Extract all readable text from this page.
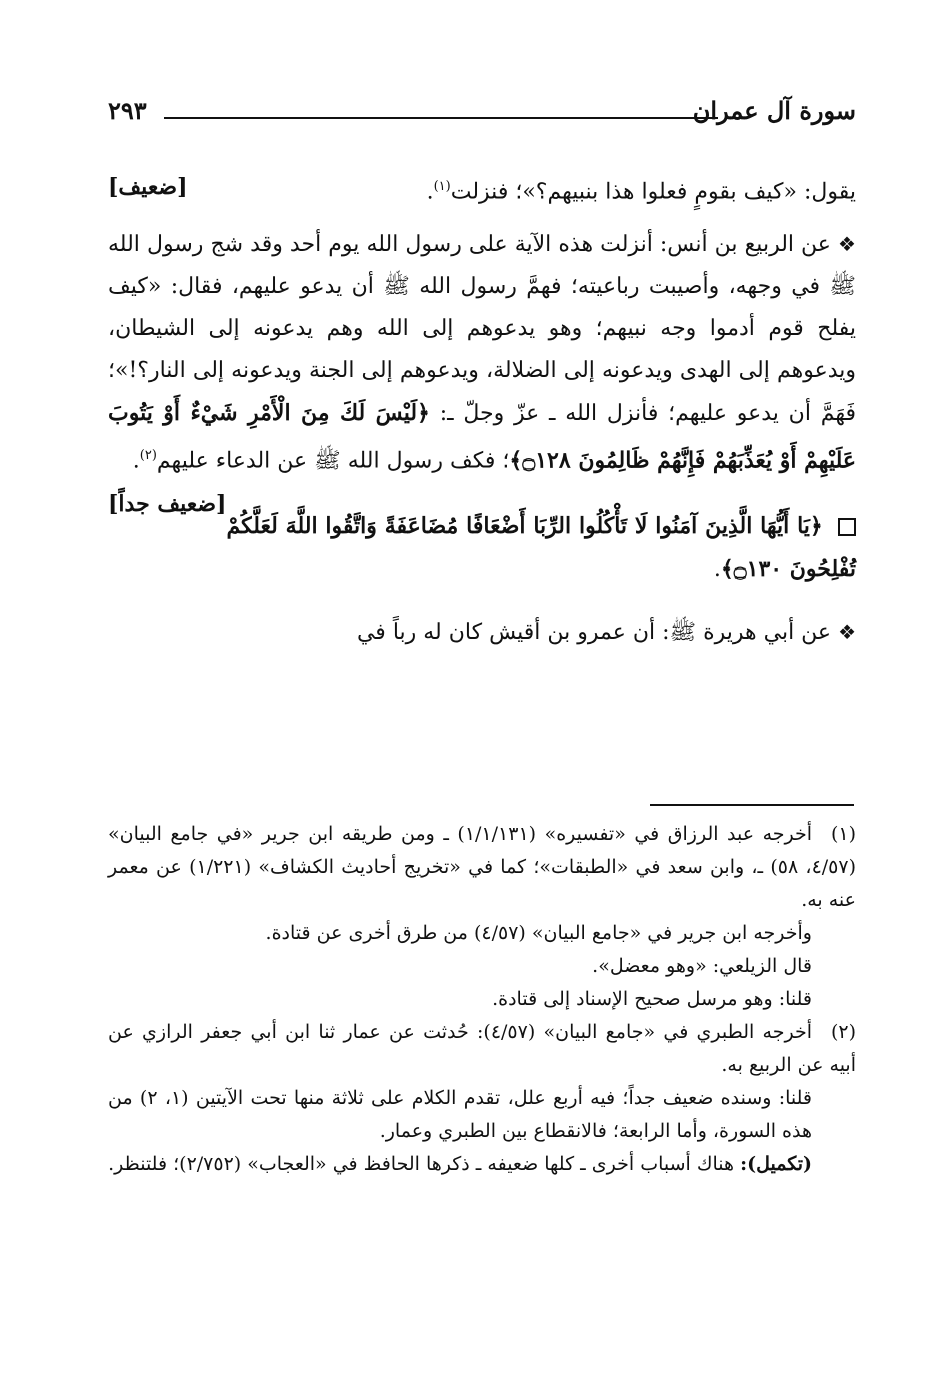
٢٩٣	سورة آل عمران

[ضعيف]	يقول: «كيف بقومٍ فعلوا هذا بنبيهم؟»؛ فنزلت$^{(١)}$.

❖ عن الربيع بن أنس: أنزلت هذه الآية على رسول الله يوم أحد وقد شج رسول الله ﷺ في وجهه، وأصيبت رباعيته؛ فهمَّ رسول الله ﷺ أن يدعو عليهم، فقال: «كيف يفلح قوم أدموا وجه نبيهم؛ وهو يدعوهم إلى الله وهم يدعونه إلى الشيطان، ويدعوهم إلى الهدى ويدعونه إلى الضلالة، ويدعوهم إلى الجنة ويدعونه إلى النار؟!»؛ فَهَمَّ أن يدعو عليهم؛ فأنزل الله ـ عزّ وجلّ ـ: ﴿لَيْسَ لَكَ مِنَ الْأَمْرِ شَيْءٌ أَوْ يَتُوبَ عَلَيْهِمْ أَوْ يُعَذِّبَهُمْ فَإِنَّهُمْ ظَالِمُونَ ۝١٢٨﴾؛ فكف رسول الله ﷺ عن الدعاء عليهم$^{(٢)}$.
[ضعيف جداً]

﴿يَا أَيُّهَا الَّذِينَ آمَنُوا لَا تَأْكُلُوا الرِّبَا أَضْعَافًا مُضَاعَفَةً وَاتَّقُوا اللَّهَ لَعَلَّكُمْ تُفْلِحُونَ ۝١٣٠﴾.

❖ عن أبي هريرة ﷺ: أن عمرو بن أقيش كان له رباً في

(١)أخرجه عبد الرزاق في «تفسيره» (١/١/١٣١) ـ ومن طريقه ابن جرير «في جامع البيان» (٤/٥٧، ٥٨) ـ، وابن سعد في «الطبقات»؛ كما في «تخريج أحاديث الكشاف» (١/٢٢١) عن معمر عنه به.

وأخرجه ابن جرير في «جامع البيان» (٤/٥٧) من طرق أخرى عن قتادة.

قال الزيلعي: «وهو معضل».

قلنا: وهو مرسل صحيح الإسناد إلى قتادة.

(٢)أخرجه الطبري في «جامع البيان» (٤/٥٧): حُدثت عن عمار ثنا ابن أبي جعفر الرازي عن أبيه عن الربيع به.

قلنا: وسنده ضعيف جداً؛ فيه أربع علل، تقدم الكلام على ثلاثة منها تحت الآيتين (١، ٢) من هذه السورة، وأما الرابعة؛ فالانقطاع بين الطبري وعمار.

(تكميل): هناك أسباب أخرى ـ كلها ضعيفه ـ ذكرها الحافظ في «العجاب» (٢/٧٥٢)؛ فلتنظر.
